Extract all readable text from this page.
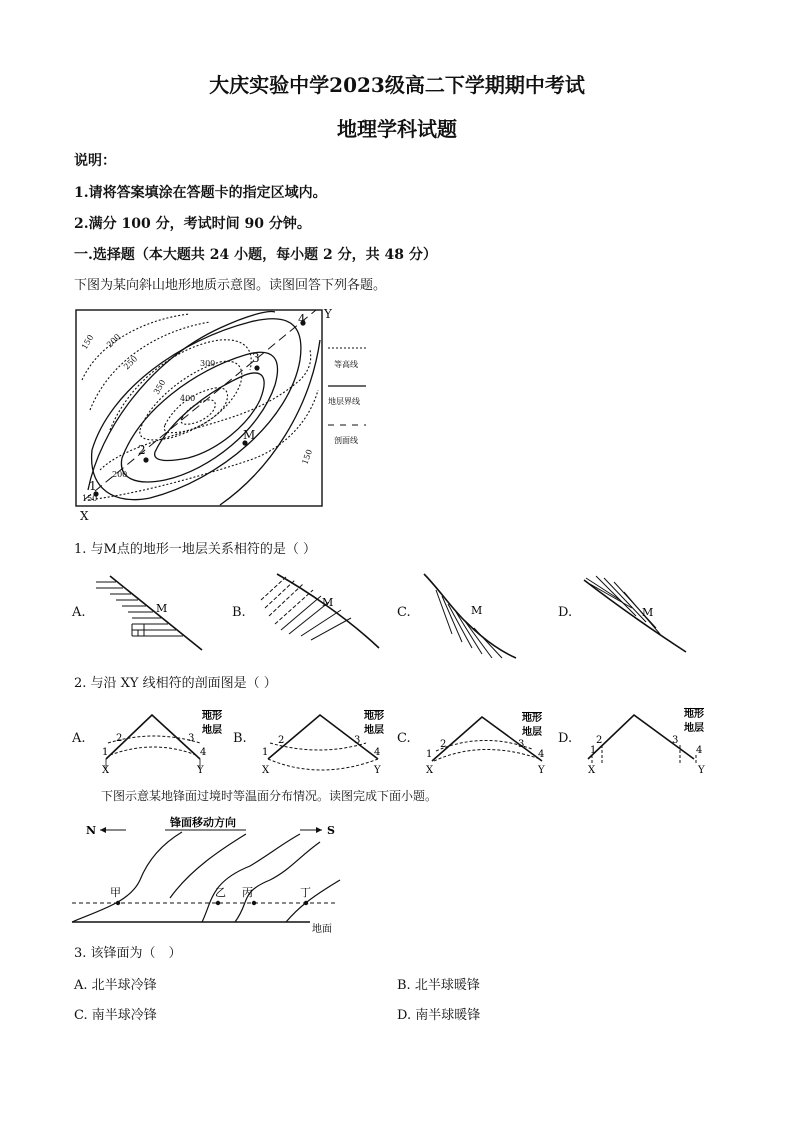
大庆实验中学2023级高二下学期期中考试
地理学科试题
说明：
1.请将答案填涂在答题卡的指定区域内。
2.满分 100 分，考试时间 90 分钟。
一.选择题（本大题共 24 小题，每小题 2 分，共 48 分）
下图为某向斜山地形地质示意图。读图回答下列各题。
1
2
3
4
M
Y
X
150 200
250	300
350
400
200
150
150
等高线
地层界线
剖面线
1. 与M点的地形一地层关系相符的是（ ）
A.	M	B.
M
C.	M	D.	M
2. 与沿 XY 线相符的剖面图是（ ）
A.
地形
地层
1
2	3
4
X	Y
B.
地形
地层
1
2	3
4
X	Y
C.
地形
地层
1
2	3
4
X	Y
D.
地形
地层
1
2	3
4
X	Y
下图示意某地锋面过境时等温面分布情况。读图完成下面小题。
N
锋面移动方向
S
甲	乙 丙	丁
地面
3. 该锋面为（　）
A. 北半球冷锋	B. 北半球暖锋
C. 南半球冷锋	D. 南半球暖锋
